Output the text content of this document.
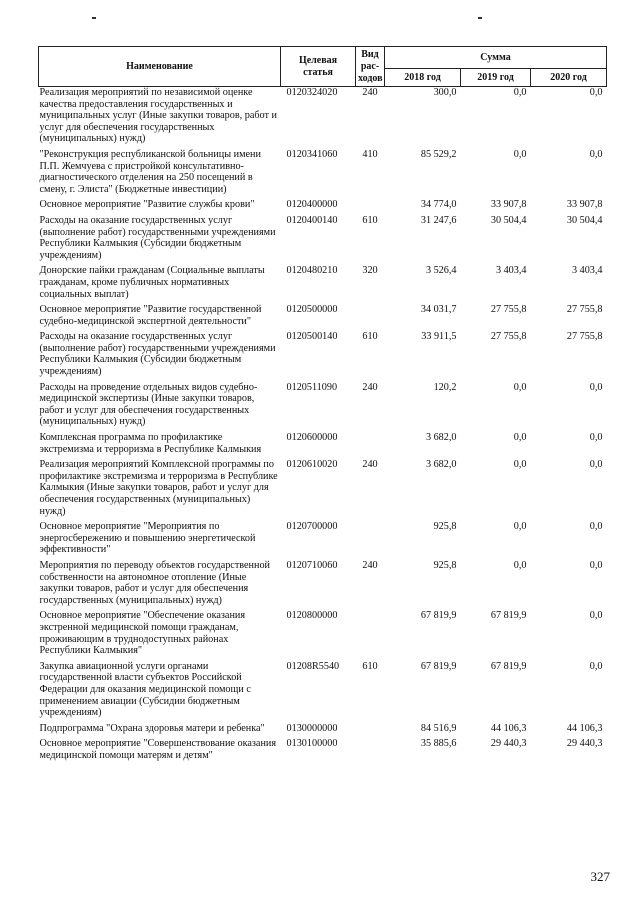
Наименование	Целевая статья	Вид рас-ходов	Сумма		
			2018 год	2019 год	2020 год
Реализация мероприятий по независимой оценке качества предоставления государственных и муниципальных услуг (Иные закупки товаров, работ и услуг для обеспечения государственных (муниципальных) нужд)	0120324020	240	300,0	0,0	0,0
"Реконструкция республиканской больницы имени П.П. Жемчуева с пристройкой консультативно-диагностического отделения на 250 посещений в смену, г. Элиста" (Бюджетные инвестиции)	0120341060	410	85 529,2	0,0	0,0
Основное мероприятие "Развитие службы крови"	0120400000		34 774,0	33 907,8	33 907,8
Расходы на оказание государственных услуг (выполнение работ) государственными учреждениями Республики Калмыкия (Субсидии бюджетным учреждениям)	0120400140	610	31 247,6	30 504,4	30 504,4
Донорские пайки гражданам (Социальные выплаты гражданам, кроме публичных нормативных социальных выплат)	0120480210	320	3 526,4	3 403,4	3 403,4
Основное мероприятие "Развитие государственной судебно-медицинской экспертной деятельности"	0120500000		34 031,7	27 755,8	27 755,8
Расходы на оказание государственных услуг (выполнение работ) государственными учреждениями Республики Калмыкия (Субсидии бюджетным учреждениям)	0120500140	610	33 911,5	27 755,8	27 755,8
Расходы на проведение отдельных видов судебно-медицинской экспертизы (Иные закупки товаров, работ и услуг для обеспечения государственных (муниципальных) нужд)	0120511090	240	120,2	0,0	0,0
Комплексная программа по профилактике экстремизма и терроризма в Республике Калмыкия	0120600000		3 682,0	0,0	0,0
Реализация мероприятий Комплексной программы по профилактике экстремизма и терроризма в Республике Калмыкия (Иные закупки товаров, работ и услуг для обеспечения государственных (муниципальных) нужд)	0120610020	240	3 682,0	0,0	0,0
Основное мероприятие "Мероприятия по энергосбережению и повышению энергетической эффективности"	0120700000		925,8	0,0	0,0
Мероприятия по переводу объектов государственной собственности на автономное отопление (Иные закупки товаров, работ и услуг для обеспечения государственных (муниципальных) нужд)	0120710060	240	925,8	0,0	0,0
Основное мероприятие "Обеспечение оказания экстренной медицинской помощи гражданам, проживающим в труднодоступных районах Республики Калмыкия"	0120800000		67 819,9	67 819,9	0,0
Закупка авиационной услуги органами государственной власти субъектов Российской Федерации для оказания медицинской помощи с применением авиации (Субсидии бюджетным учреждениям)	01208R5540	610	67 819,9	67 819,9	0,0
Подпрограмма "Охрана здоровья матери и ребенка"	0130000000		84 516,9	44 106,3	44 106,3
Основное мероприятие "Совершенствование оказания медицинской помощи матерям и детям"	0130100000		35 885,6	29 440,3	29 440,3
327
